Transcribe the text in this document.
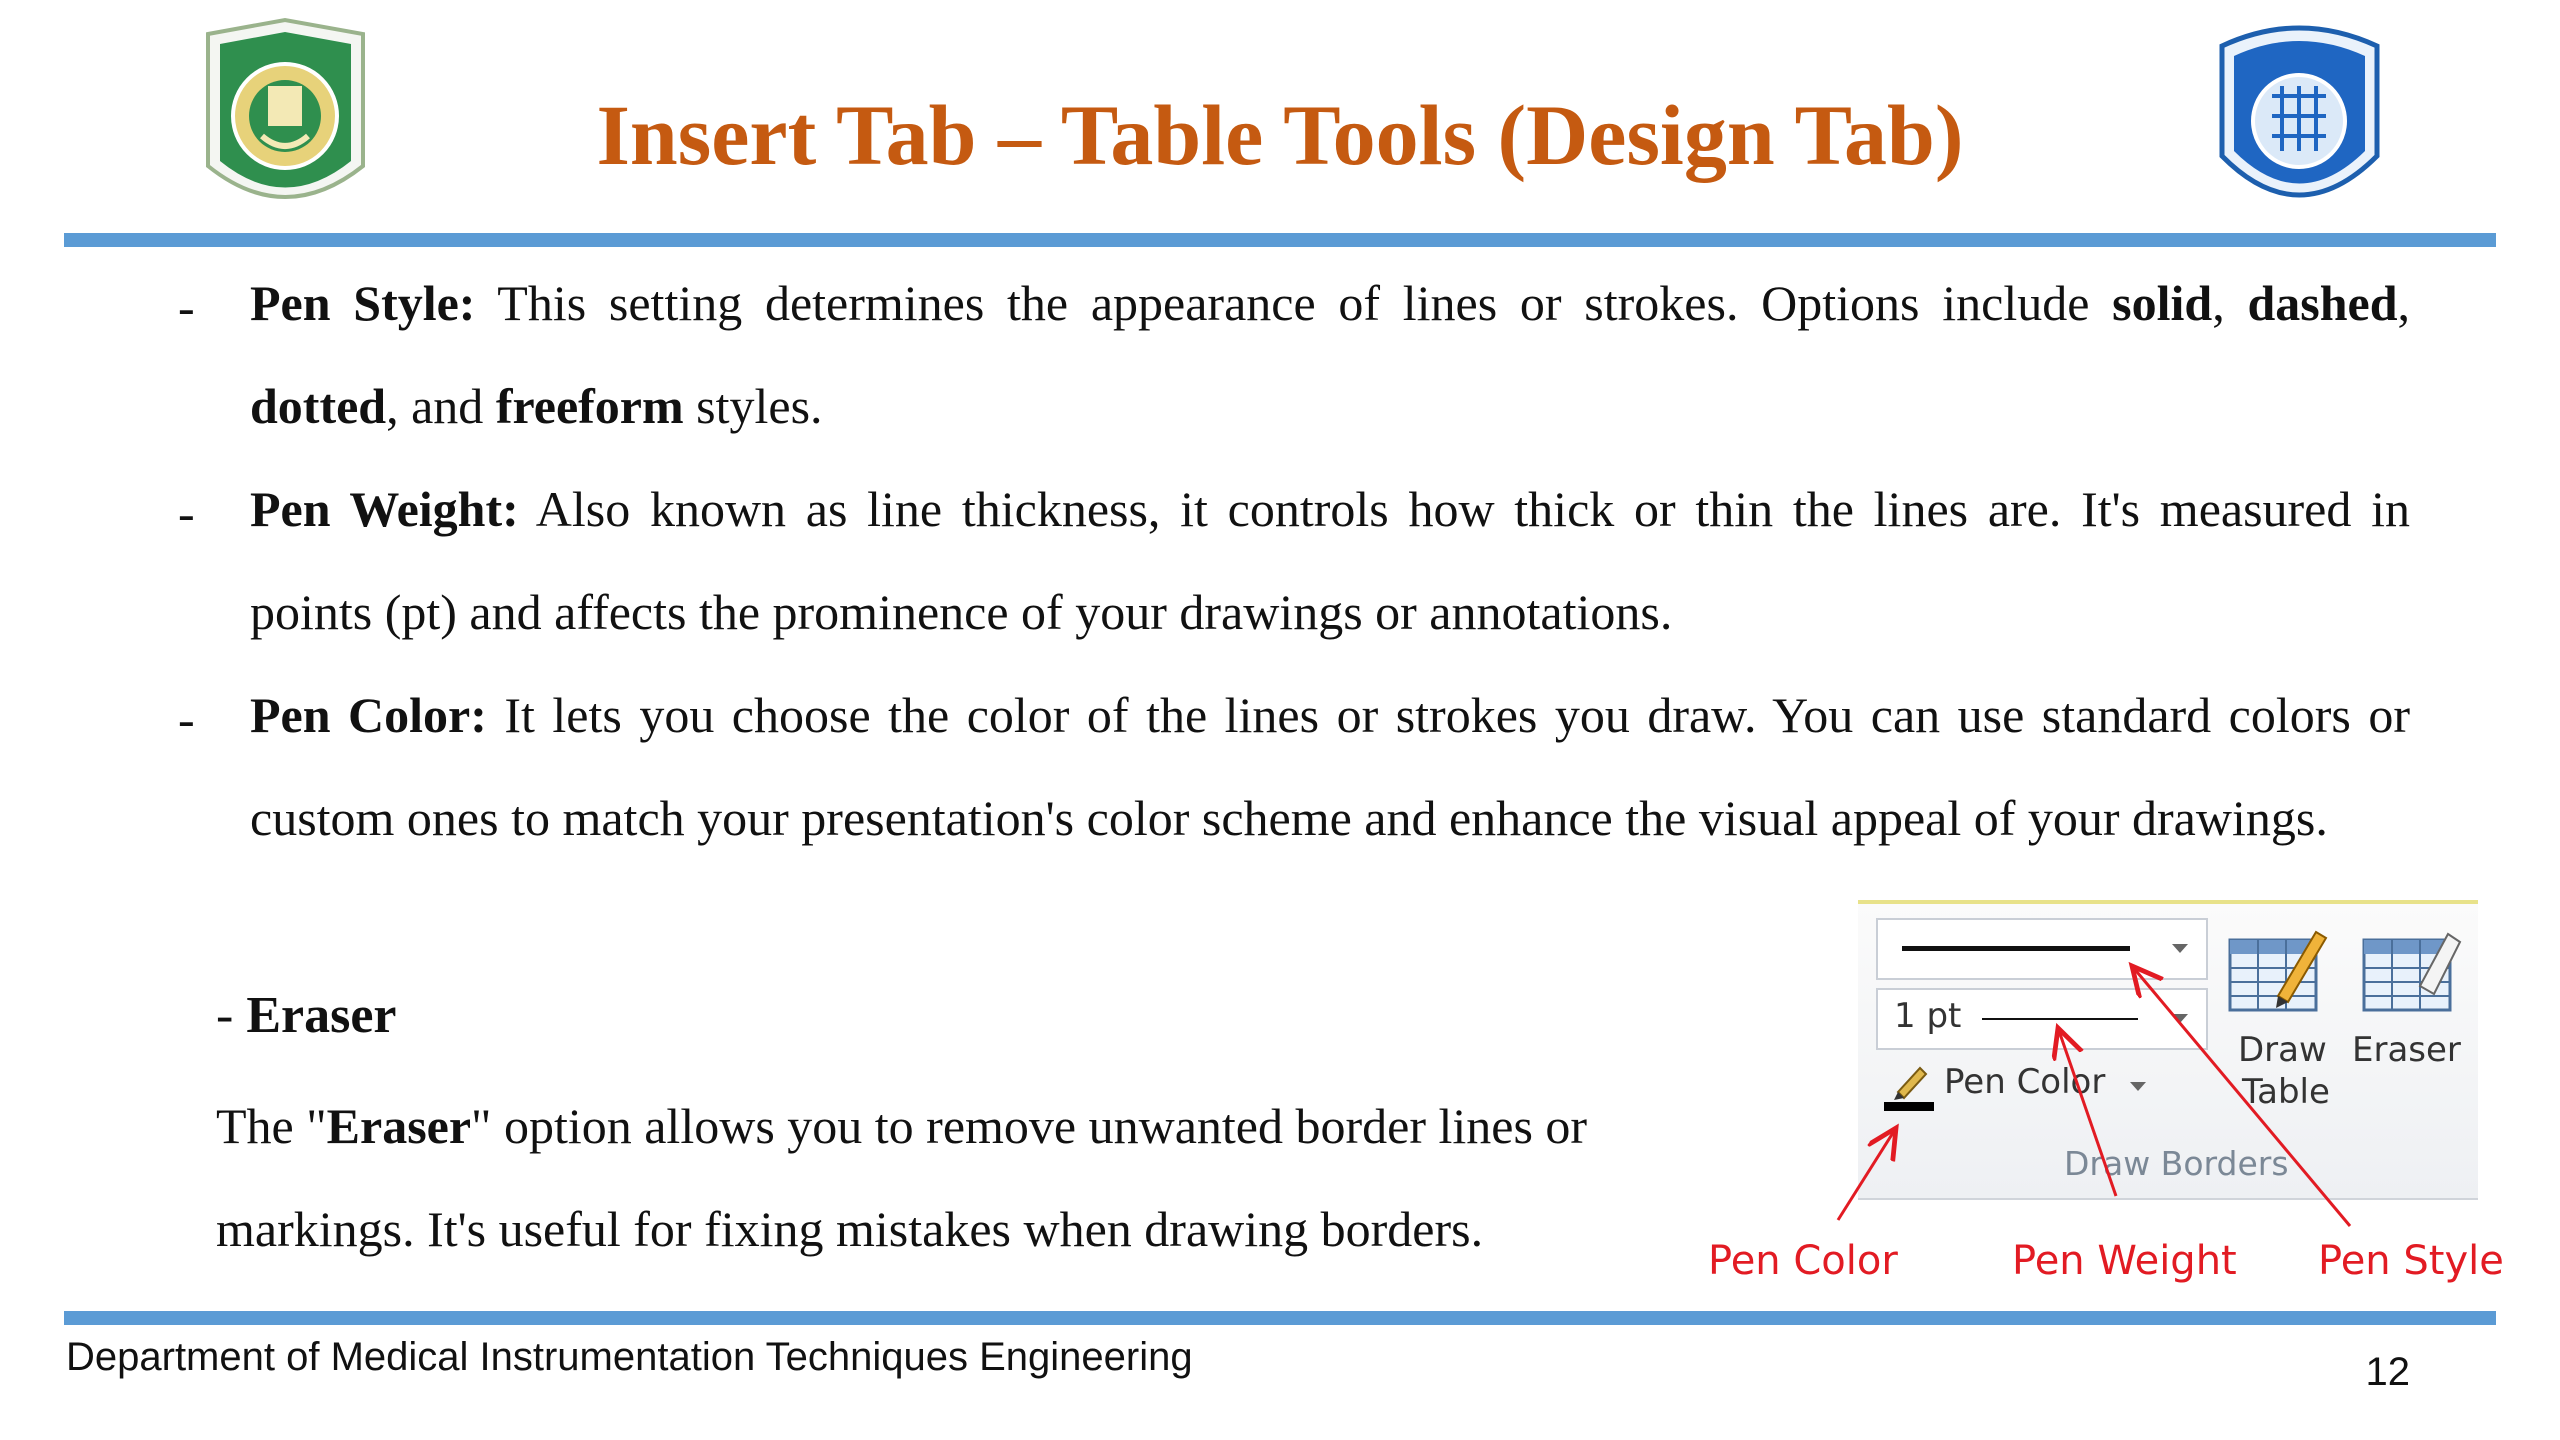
Insert Tab – Table Tools (Design Tab)
- Pen Style: This setting determines the appearance of lines or strokes. Options include solid, dashed, dotted, and freeform styles.
- Pen Weight: Also known as line thickness, it controls how thick or thin the lines are. It's measured in points (pt) and affects the prominence of your drawings or annotations.
- Pen Color: It lets you choose the color of the lines or strokes you draw. You can use standard colors or custom ones to match your presentation's color scheme and enhance the visual appeal of your drawings.
- Eraser
The "Eraser" option allows you to remove unwanted border lines or markings. It's useful for fixing mistakes when drawing borders.
1 pt
Pen Color
Draw
Table
Eraser
Draw Borders
Pen Color	Pen Weight Pen Style
Department of Medical Instrumentation Techniques Engineering	12
